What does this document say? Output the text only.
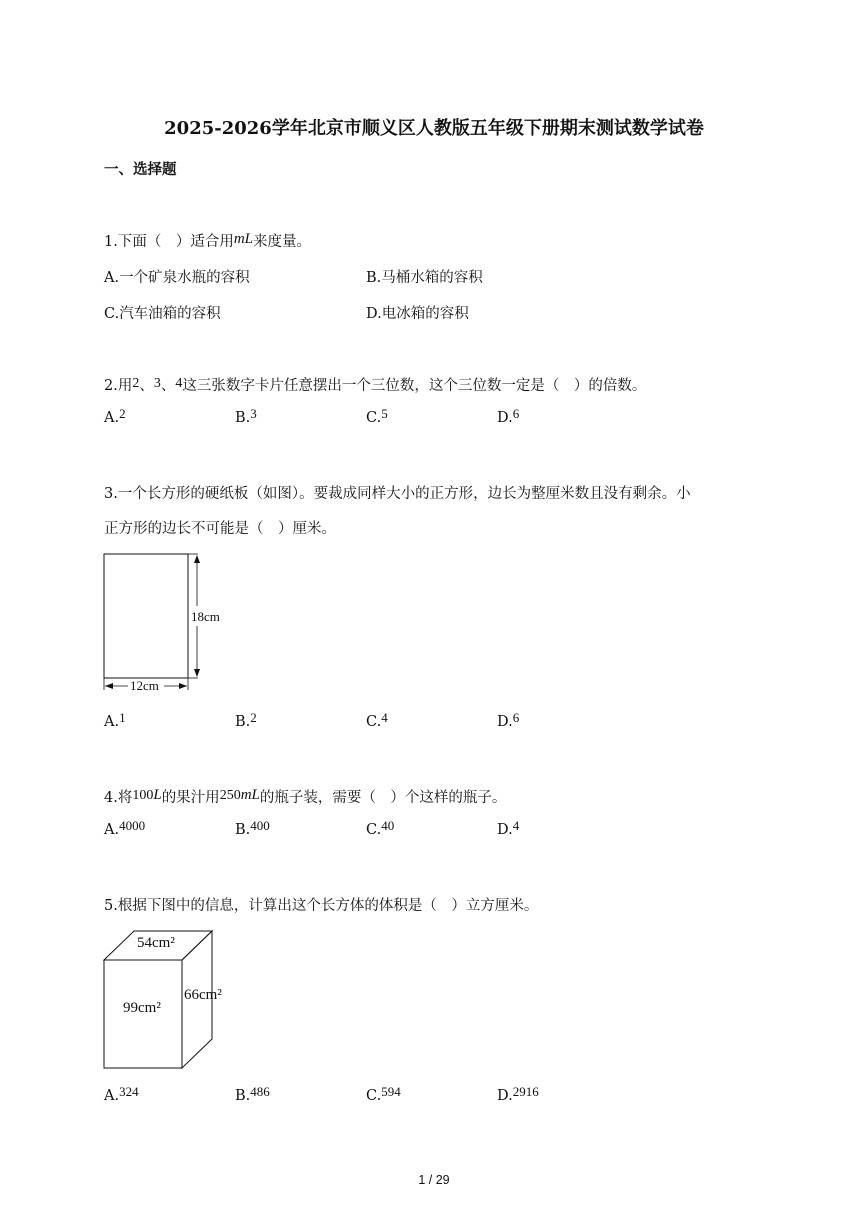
2025-2026学年北京市顺义区人教版五年级下册期末测试数学试卷
一、选择题
1.下面（　）适合用mL来度量。
A.一个矿泉水瓶的容积	B.马桶水箱的容积
C.汽车油箱的容积	D.电冰箱的容积
2.用2、3、4这三张数字卡片任意摆出一个三位数，这个三位数一定是（　）的倍数。
A.2	B.3	C.5	D.6
3.一个长方形的硬纸板（如图）。要裁成同样大小的正方形，边长为整厘米数且没有剩余。小
正方形的边长不可能是（　）厘米。
18cm
12cm
A.1	B.2	C.4	D.6
4.将100L的果汁用250mL的瓶子装，需要（　）个这样的瓶子。
A.4000	B.400	C.40	D.4
5.根据下图中的信息，计算出这个长方体的体积是（　）立方厘米。
54cm²
99cm²
66cm²
A.324	B.486	C.594	D.2916
1 / 29
